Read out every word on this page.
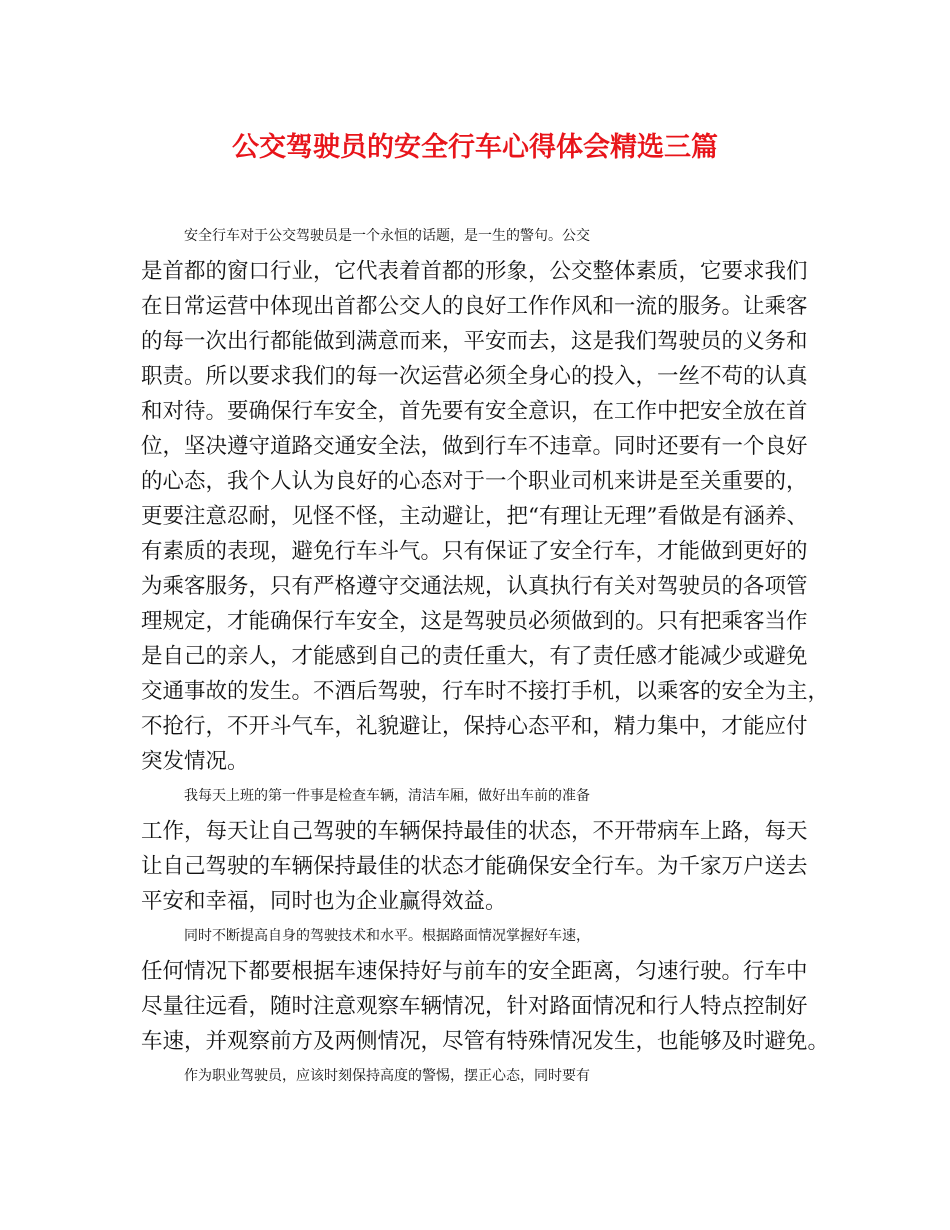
公交驾驶员的安全行车心得体会精选三篇
安全行车对于公交驾驶员是一个永恒的话题，是一生的警句。公交
是首都的窗口行业，它代表着首都的形象，公交整体素质，它要求我们
在日常运营中体现出首都公交人的良好工作作风和一流的服务。让乘客
的每一次出行都能做到满意而来，平安而去，这是我们驾驶员的义务和
职责。所以要求我们的每一次运营必须全身心的投入，一丝不苟的认真
和对待。要确保行车安全，首先要有安全意识，在工作中把安全放在首
位，坚决遵守道路交通安全法，做到行车不违章。同时还要有一个良好
的心态，我个人认为良好的心态对于一个职业司机来讲是至关重要的，
更要注意忍耐，见怪不怪，主动避让，把“有理让无理”看做是有涵养、
有素质的表现，避免行车斗气。只有保证了安全行车，才能做到更好的
为乘客服务，只有严格遵守交通法规，认真执行有关对驾驶员的各项管
理规定，才能确保行车安全，这是驾驶员必须做到的。只有把乘客当作
是自己的亲人，才能感到自己的责任重大，有了责任感才能减少或避免
交通事故的发生。不酒后驾驶，行车时不接打手机，以乘客的安全为主，
不抢行，不开斗气车，礼貌避让，保持心态平和，精力集中，才能应付
突发情况。
我每天上班的第一件事是检查车辆，清洁车厢，做好出车前的准备
工作，每天让自己驾驶的车辆保持最佳的状态，不开带病车上路，每天
让自己驾驶的车辆保持最佳的状态才能确保安全行车。为千家万户送去
平安和幸福，同时也为企业赢得效益。
同时不断提高自身的驾驶技术和水平。根据路面情况掌握好车速，
任何情况下都要根据车速保持好与前车的安全距离，匀速行驶。行车中
尽量往远看，随时注意观察车辆情况，针对路面情况和行人特点控制好
车速，并观察前方及两侧情况，尽管有特殊情况发生，也能够及时避免。
作为职业驾驶员，应该时刻保持高度的警惕，摆正心态，同时要有
